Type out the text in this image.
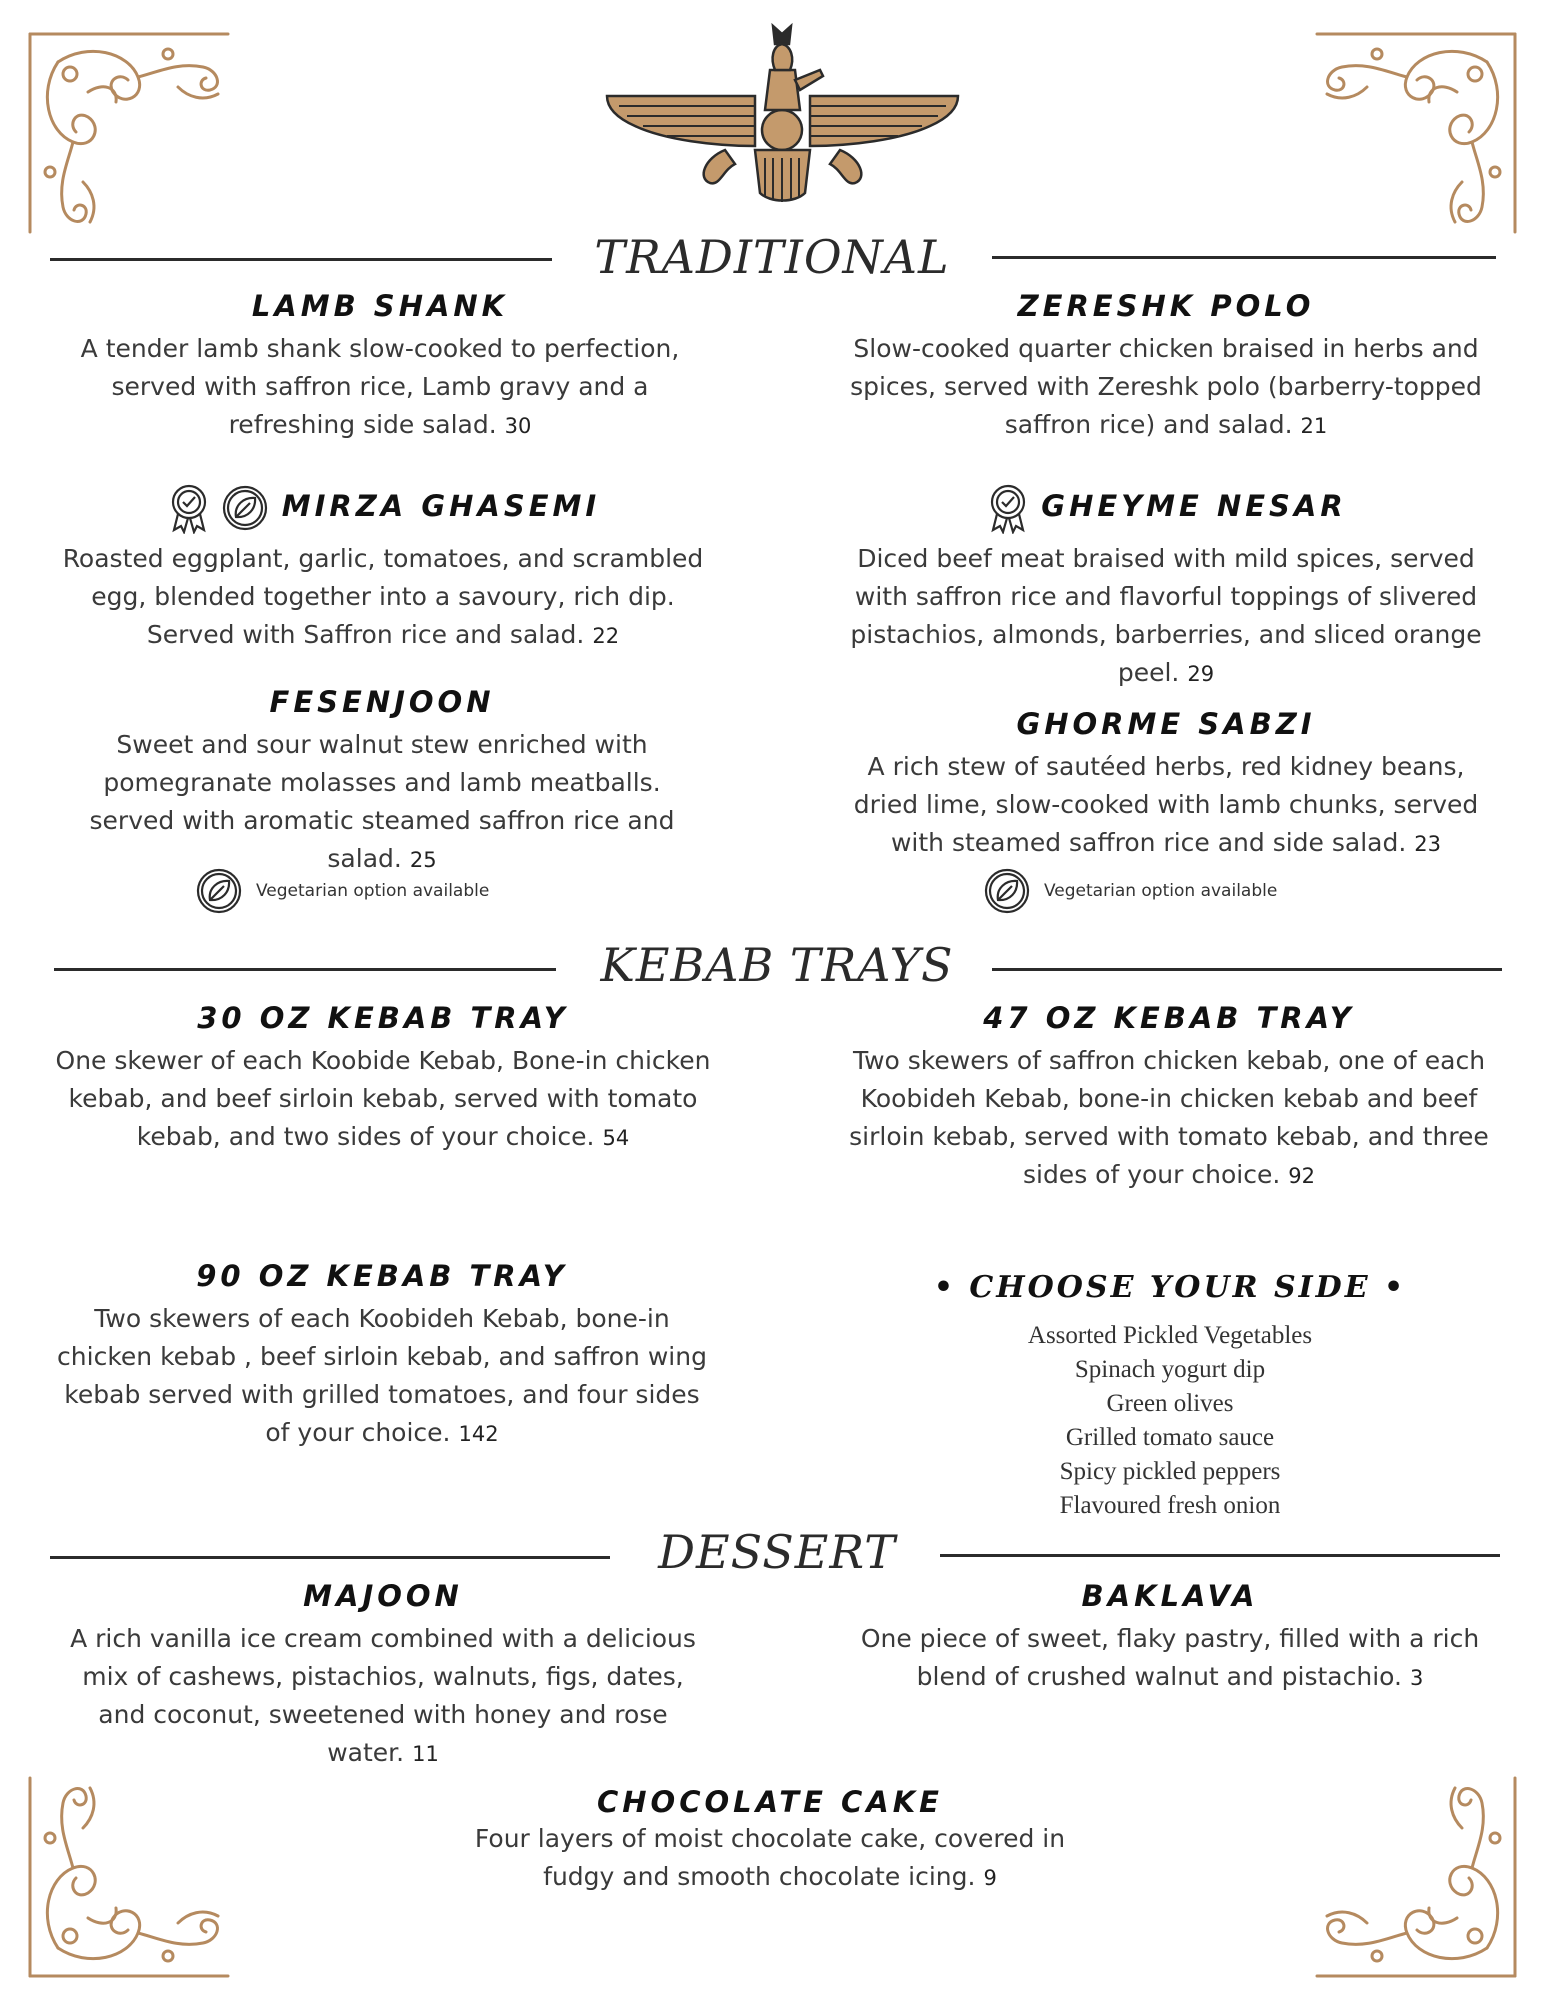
TRADITIONAL
LAMB SHANK
A tender lamb shank slow-cooked to perfection, served with saffron rice, Lamb gravy and a refreshing side salad. 30
ZERESHK POLO
Slow-cooked quarter chicken braised in herbs and spices, served with Zereshk polo (barberry-topped saffron rice) and salad. 21
MIRZA GHASEMI
Roasted eggplant, garlic, tomatoes, and scrambled egg, blended together into a savoury, rich dip. Served with Saffron rice and salad. 22
GHEYME NESAR
Diced beef meat braised with mild spices, served with saffron rice and flavorful toppings of slivered pistachios, almonds, barberries, and sliced orange peel. 29
FESENJOON
Sweet and sour walnut stew enriched with pomegranate molasses and lamb meatballs. served with aromatic steamed saffron rice and salad. 25
Vegetarian option available
GHORME SABZI
A rich stew of sautéed herbs, red kidney beans, dried lime, slow-cooked with lamb chunks, served with steamed saffron rice and side salad. 23
Vegetarian option available
KEBAB TRAYS
30 OZ KEBAB TRAY
One skewer of each Koobide Kebab, Bone-in chicken kebab, and beef sirloin kebab, served with tomato kebab, and two sides of your choice. 54
47 OZ KEBAB TRAY
Two skewers of saffron chicken kebab, one of each Koobideh Kebab, bone-in chicken kebab and beef sirloin kebab, served with tomato kebab, and three sides of your choice. 92
90 OZ KEBAB TRAY
Two skewers of each Koobideh Kebab, bone-in chicken kebab , beef sirloin kebab, and saffron wing kebab served with grilled tomatoes, and four sides of your choice. 142
• CHOOSE YOUR SIDE •
Assorted Pickled Vegetables
Spinach yogurt dip
Green olives
Grilled tomato sauce
Spicy pickled peppers
Flavoured fresh onion
DESSERT
MAJOON
A rich vanilla ice cream combined with a delicious mix of cashews, pistachios, walnuts, figs, dates, and coconut, sweetened with honey and rose water. 11
BAKLAVA
One piece of sweet, flaky pastry, filled with a rich blend of crushed walnut and pistachio. 3
CHOCOLATE CAKE
Four layers of moist chocolate cake, covered in fudgy and smooth chocolate icing. 9
